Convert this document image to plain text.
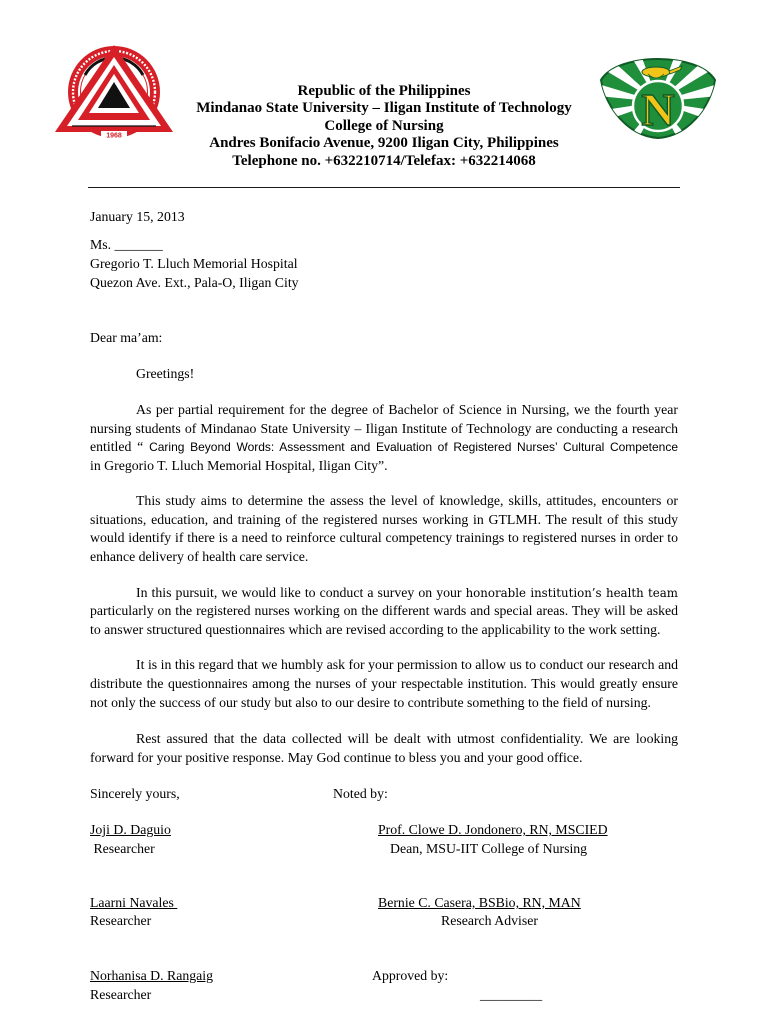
1968
N
Republic of the Philippines
Mindanao State University – Iligan Institute of Technology
College of Nursing
Andres Bonifacio Avenue, 9200 Iligan City, Philippines
Telephone no. +632210714/Telefax: +632214068
January 15, 2013
Ms. _______
Gregorio T. Lluch Memorial Hospital
Quezon Ave. Ext., Pala-O, Iligan City
Dear ma’am:
Greetings!
As per partial requirement for the degree of Bachelor of Science in Nursing, we the fourth year
nursing students of Mindanao State University – Iligan Institute of Technology are conducting a research
entitled “ Caring Beyond Words: Assessment and Evaluation of Registered Nurses’ Cultural Competence
in Gregorio T. Lluch Memorial Hospital, Iligan City”.
This study aims to determine the assess the level of knowledge, skills, attitudes, encounters or
situations, education, and training of the registered nurses working in GTLMH. The result of this study
would identify if there is a need to reinforce cultural competency trainings to registered nurses in order to
enhance delivery of health care service.
In this pursuit, we would like to conduct a survey on your honorable institution’s health team
particularly on the registered nurses working on the different wards and special areas. They will be asked
to answer structured questionnaires which are revised according to the applicability to the work setting.
It is in this regard that we humbly ask for your permission to allow us to conduct our research and
distribute the questionnaires among the nurses of your respectable institution. This would greatly ensure
not only the success of our study but also to our desire to contribute something to the field of nursing.
Rest assured that the data collected will be dealt with utmost confidentiality. We are looking
forward for your positive response. May God continue to bless you and your good office.
Sincerely yours,	Noted by:
Joji D. Daguio
Researcher
Prof. Clowe D. Jondonero, RN, MSCIED
Dean, MSU-IIT College of Nursing
Laarni Navales
Researcher
Bernie C. Casera, BSBio, RN, MAN
Research Adviser
Norhanisa D. Rangaig
Researcher
Approved by:
_________
